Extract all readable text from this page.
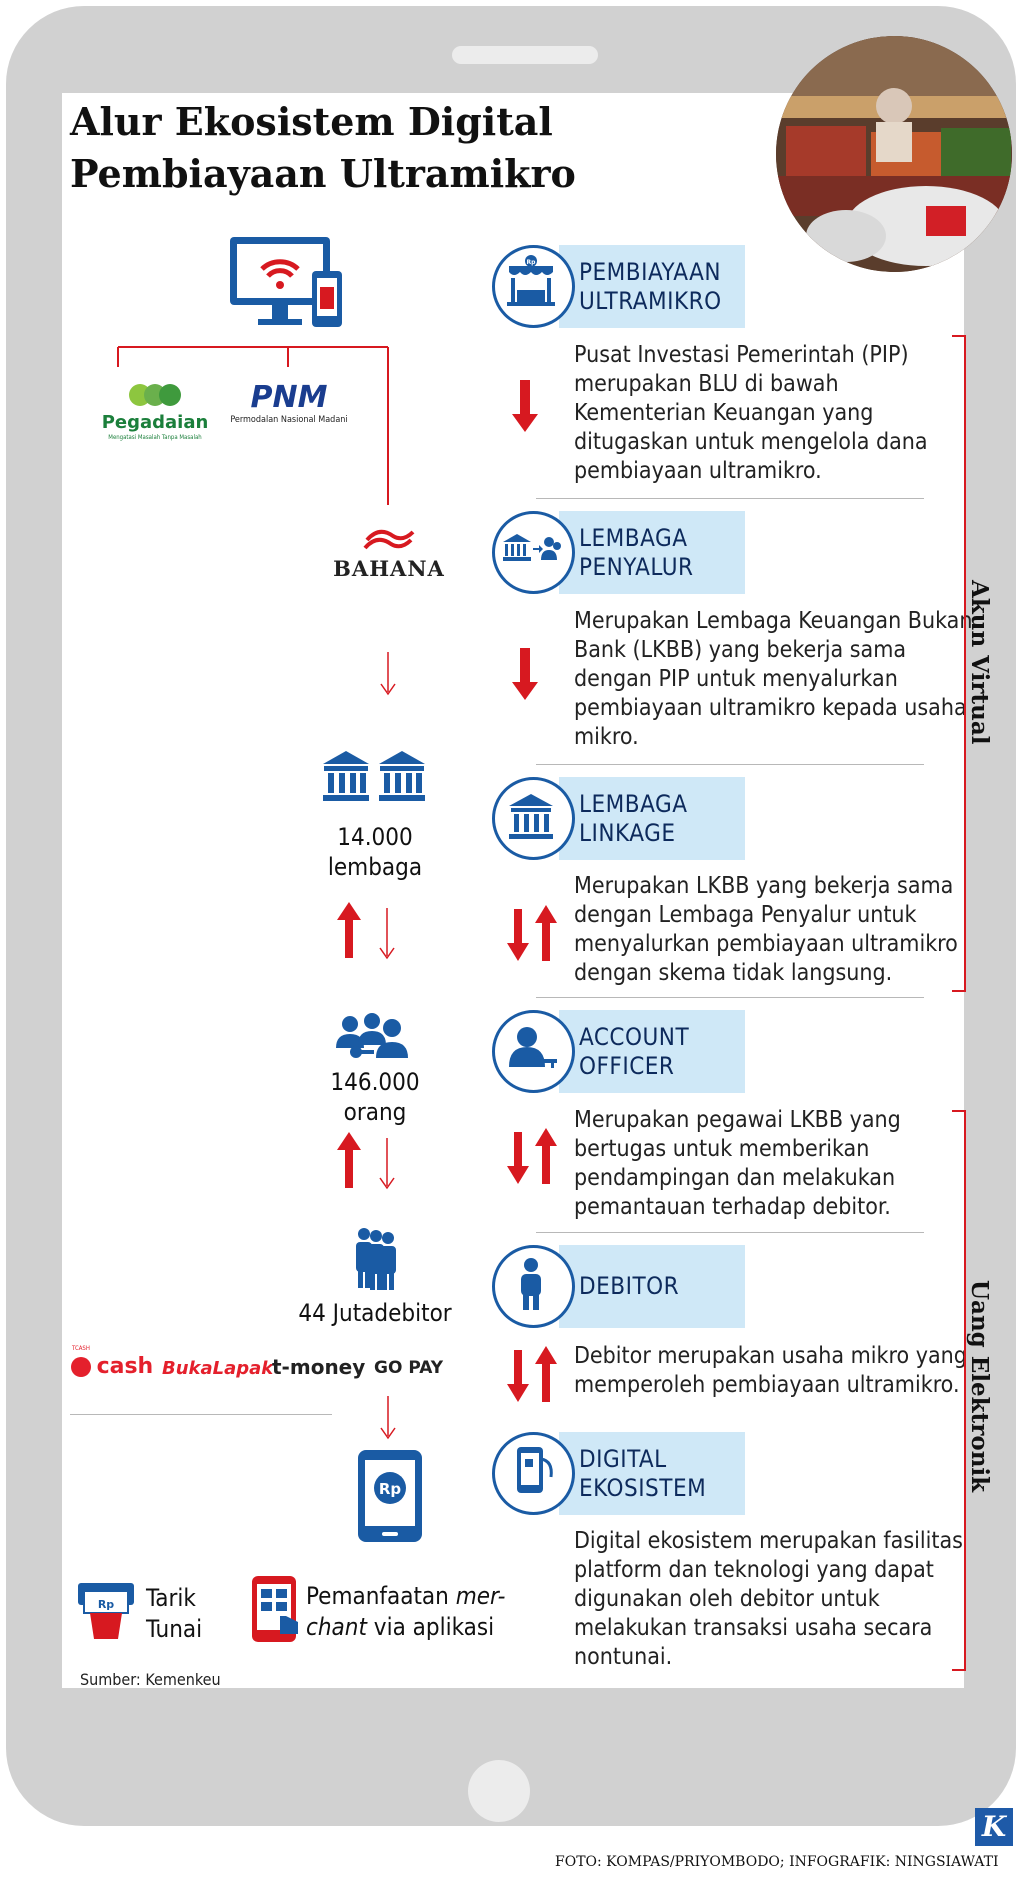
Alur Ekosistem Digital Pembiayaan Ultramikro
Pegadaian
Mengatasi Masalah Tanpa Masalah
PNM
Permodalan Nasional Madani
BAHANA
14.000
lembaga
146.000
orang
44 Jutadebitor
cash
TCASH
BukaLapak
t-money GO PAY
Rp
Rp Tarik
Tunai
Pemanfaatan mer-
chant via aplikasi
Sumber: Kemenkeu
PEMBIAYAAN ULTRAMIKRO
Rp
Pusat Investasi Pemerintah (PIP) merupakan BLU di bawah Kementerian Keuangan yang ditugaskan untuk mengelola dana pembiayaan ultramikro.
LEMBAGA PENYALUR
Merupakan Lembaga Keuangan Bukan Bank (LKBB) yang bekerja sama dengan PIP untuk menyalurkan pembiayaan ultramikro kepada usaha mikro.
LEMBAGA LINKAGE
Merupakan LKBB yang bekerja sama dengan Lembaga Penyalur untuk menyalurkan pembiayaan ultramikro dengan skema tidak langsung.
ACCOUNT OFFICER
Merupakan pegawai LKBB yang bertugas untuk memberikan pendampingan dan melakukan pemantauan terhadap debitor.
DEBITOR
Debitor merupakan usaha mikro yang memperoleh pembiayaan ultramikro.
DIGITAL EKOSISTEM
Digital ekosistem merupakan fasilitas platform dan teknologi yang dapat digunakan oleh debitor untuk melakukan transaksi usaha secara nontunai.
Akun Virtual
Uang Elektronik
K
FOTO: KOMPAS/PRIYOMBODO; INFOGRAFIK: NINGSIAWATI
